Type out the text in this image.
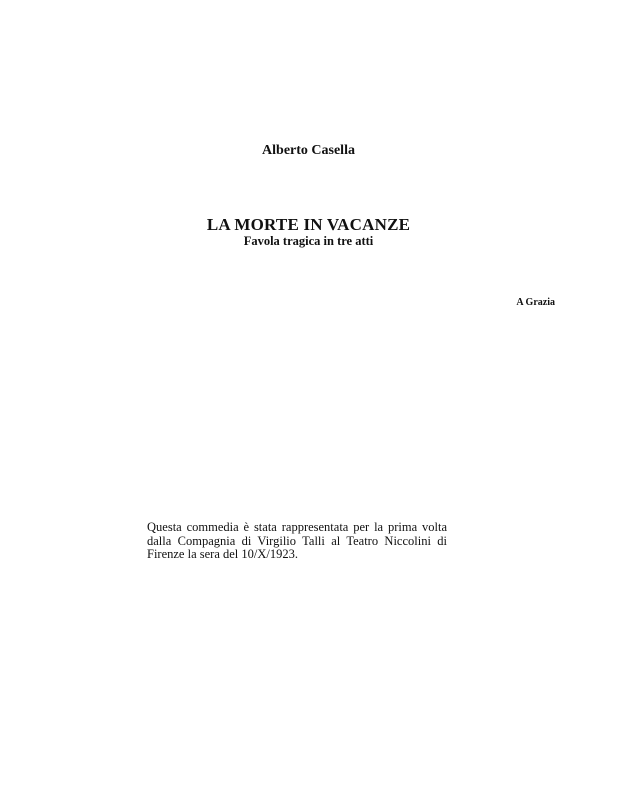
Alberto Casella
LA MORTE IN VACANZE
Favola tragica in tre atti
A Grazia
Questa commedia è stata rappresentata per la prima volta
dalla Compagnia di Virgilio Talli al Teatro Niccolini di
Firenze la sera del 10/X/1923.
